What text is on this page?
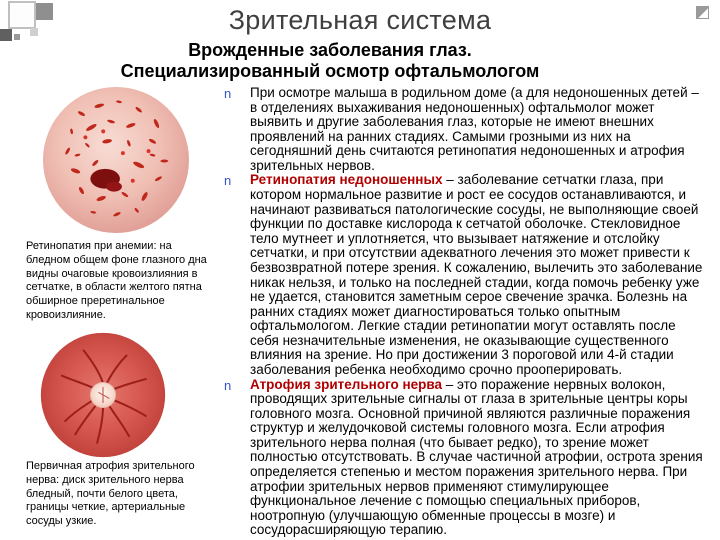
Зрительная система
Врожденные заболевания глаз.
Специализированный осмотр офтальмологом

Ретинопатия при анемии: на бледном общем фоне глазного дна видны очаговые кровоизлияния в сетчатке, в области желтого пятна обширное преретинальное кровоизлияние.

Первичная атрофия зрительного нерва: диск зрительного нерва бледный, почти белого цвета, границы четкие, артериальные сосуды узкие.

n	При осмотре малыша в родильном доме (а для недоношенных детей – в отделениях выхаживания недоношенных) офтальмолог может выявить и другие заболевания глаз, которые не имеют внешних проявлений на ранних стадиях. Самыми грозными из них на сегодняшний день считаются ретинопатия недоношенных и атрофия зрительных нервов.

n	Ретинопатия недоношенных – заболевание сетчатки глаза, при котором нормальное развитие и рост ее сосудов останавливаются, и начинают развиваться патологические сосуды, не выполняющие своей функции по доставке кислорода к сетчатой оболочке. Стекловидное тело мутнеет и уплотняется, что вызывает натяжение и отслойку сетчатки, и при отсутствии адекватного лечения это может привести к безвозвратной потере зрения. К сожалению, вылечить это заболевание никак нельзя, и только на последней стадии, когда помочь ребенку уже не удается, становится заметным серое свечение зрачка. Болезнь на ранних стадиях может диагностироваться только опытным офтальмологом. Легкие стадии ретинопатии могут оставлять после себя незначительные изменения, не оказывающие существенного влияния на зрение. Но при достижении 3 пороговой или 4-й стадии заболевания ребенка необходимо срочно прооперировать.

n	Атрофия зрительного нерва – это поражение нервных волокон, проводящих зрительные сигналы от глаза в зрительные центры коры головного мозга. Основной причиной являются различные поражения структур и желудочковой системы головного мозга. Если атрофия зрительного нерва полная (что бывает редко), то зрение может полностью отсутствовать. В случае частичной атрофии, острота зрения определяется степенью и местом поражения зрительного нерва. При атрофии зрительных нервов применяют стимулирующее функциональное лечение с помощью специальных приборов, ноотропную (улучшающую обменные процессы в мозге) и сосудорасширяющую терапию.
